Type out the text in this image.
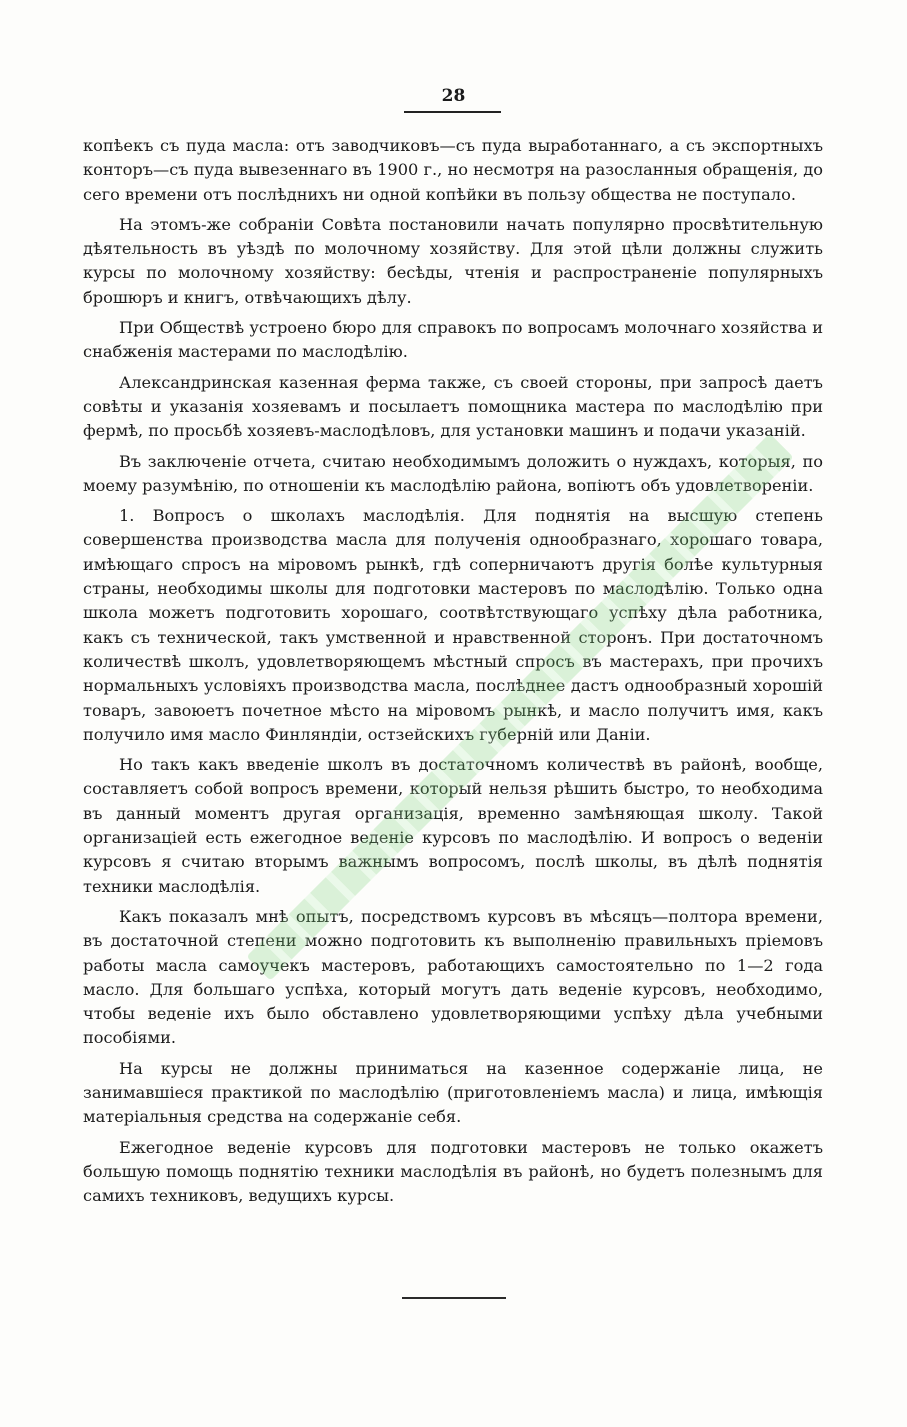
28

копѣекъ съ пуда масла: отъ заводчиковъ—съ пуда выработаннаго, а съ экспортныхъ конторъ—съ пуда вывезеннаго въ 1900 г., но несмотря на разосланныя обращенія, до сего времени отъ послѣднихъ ни одной копѣйки въ пользу общества не поступало.

На этомъ-же собраніи Совѣта постановили начать популярно просвѣтительную дѣятельность въ уѣздѣ по молочному хозяйству. Для этой цѣли должны служить курсы по молочному хозяйству: бесѣды, чтенія и распространеніе популярныхъ брошюръ и книгъ, отвѣчающихъ дѣлу.

При Обществѣ устроено бюро для справокъ по вопросамъ молочнаго хозяйства и снабженія мастерами по маслодѣлію.

Александринская казенная ферма также, съ своей стороны, при запросѣ даетъ совѣты и указанія хозяевамъ и посылаетъ помощника мастера по маслодѣлію при фермѣ, по просьбѣ хозяевъ-маслодѣловъ, для установки машинъ и подачи указаній.

Въ заключеніе отчета, считаю необходимымъ доложить о нуждахъ, которыя, по моему разумѣнію, по отношеніи къ маслодѣлію района, вопіютъ объ удовлетвореніи.

1. Вопросъ о школахъ маслодѣлія. Для поднятія на высшую степень совершенства производства масла для полученія однообразнаго, хорошаго товара, имѣющаго спросъ на міровомъ рынкѣ, гдѣ соперничаютъ другія болѣе культурныя страны, необходимы школы для подготовки мастеровъ по маслодѣлію. Только одна школа можетъ подготовить хорошаго, соотвѣтствующаго успѣху дѣла работника, какъ съ технической, такъ умственной и нравственной сторонъ. При достаточномъ количествѣ школъ, удовлетворяющемъ мѣстный спросъ въ мастерахъ, при прочихъ нормальныхъ условіяхъ производства масла, послѣднее дастъ однообразный хорошій товаръ, завоюетъ почетное мѣсто на міровомъ рынкѣ, и масло получитъ имя, какъ получило имя масло Финляндіи, остзейскихъ губерній или Даніи.

Но такъ какъ введеніе школъ въ достаточномъ количествѣ въ районѣ, вообще, составляетъ собой вопросъ времени, который нельзя рѣшить быстро, то необходима въ данный моментъ другая организація, временно замѣняющая школу. Такой организаціей есть ежегодное веденіе курсовъ по маслодѣлію. И вопросъ о веденіи курсовъ я считаю вторымъ важнымъ вопросомъ, послѣ школы, въ дѣлѣ поднятія техники маслодѣлія.

Какъ показалъ мнѣ опытъ, посредствомъ курсовъ въ мѣсяцъ—полтора времени, въ достаточной степени можно подготовить къ выполненію правильныхъ пріемовъ работы масла самоучекъ мастеровъ, работающихъ самостоятельно по 1—2 года масло. Для большаго успѣха, который могутъ дать веденіе курсовъ, необходимо, чтобы веденіе ихъ было обставлено удовлетворяющими успѣху дѣла учебными пособіями.

На курсы не должны приниматься на казенное содержаніе лица, не занимавшіеся практикой по маслодѣлію (приготовленіемъ масла) и лица, имѣющія матеріальныя средства на содержаніе себя.

Ежегодное веденіе курсовъ для подготовки мастеровъ не только окажетъ большую помощь поднятію техники маслодѣлія въ районѣ, но будетъ полезнымъ для самихъ техниковъ, ведущихъ курсы.
